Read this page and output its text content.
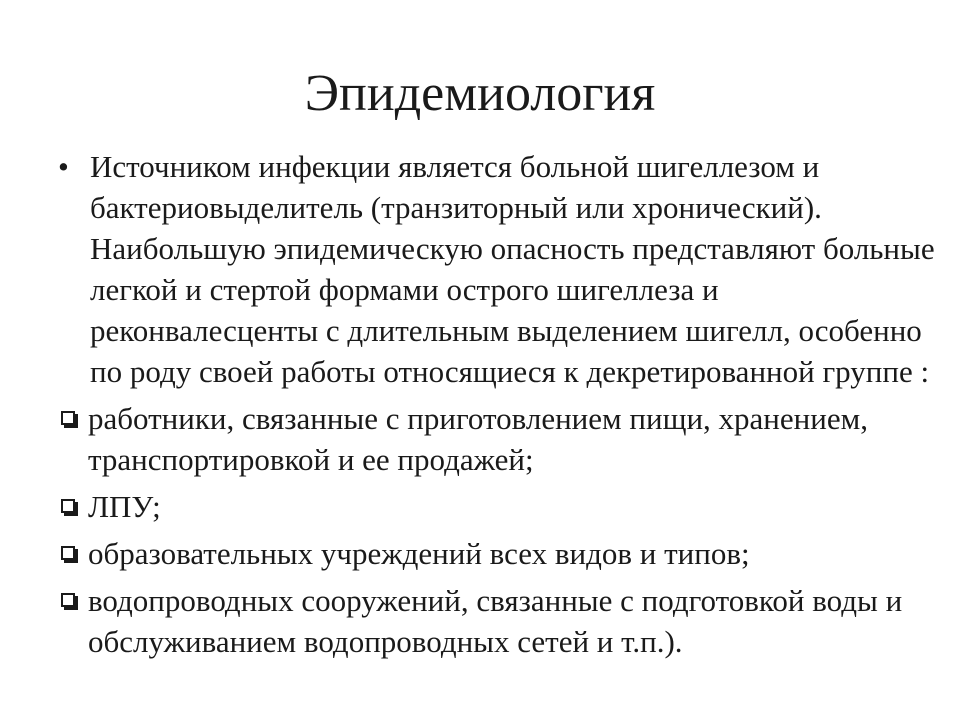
Эпидемиология

• Источником инфекции является больной шигеллезом и бактериовыделитель (транзиторный или хронический). Наибольшую эпидемическую опасность представляют больные легкой и стертой формами острого шигеллеза и реконвалесценты с длительным выделением шигелл, особенно по роду своей работы относящиеся к декретированной группе :

работники, связанные с приготовлением пищи, хранением, транспортировкой и ее продажей;

ЛПУ;

образовательных учреждений всех видов и типов;

водопроводных сооружений, связанные с подготовкой воды и обслуживанием водопроводных сетей и т.п.).
